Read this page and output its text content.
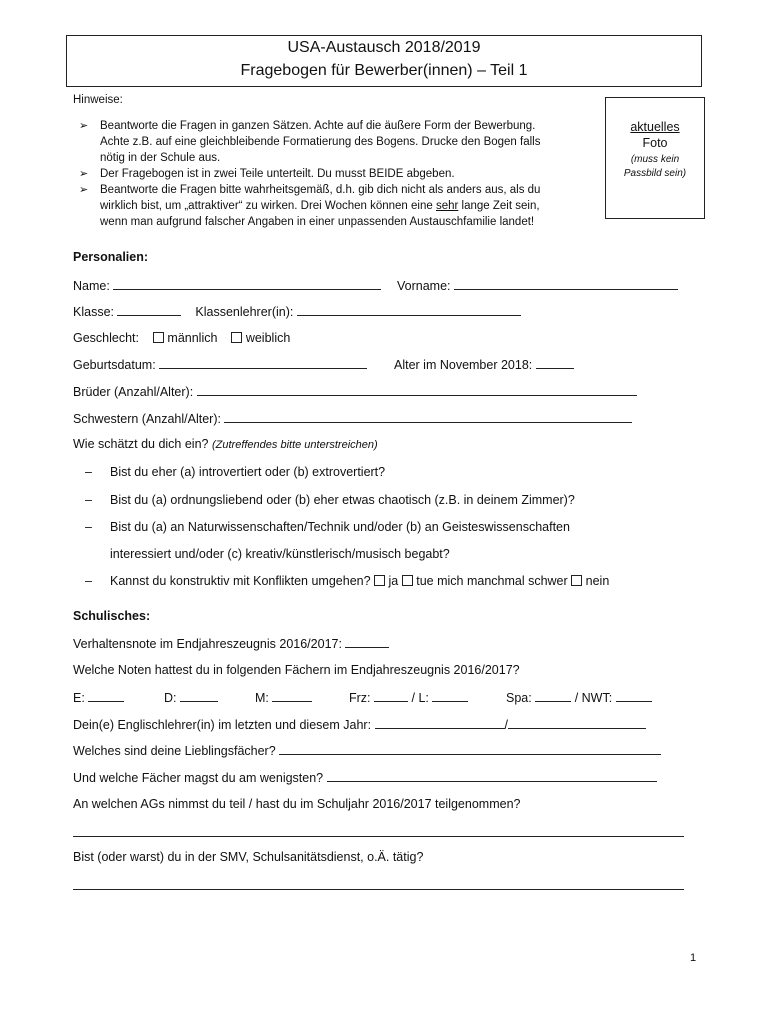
USA-Austausch 2018/2019
Fragebogen für Bewerber(innen) – Teil 1
Hinweise:
➢ Beantworte die Fragen in ganzen Sätzen. Achte auf die äußere Form der Bewerbung.
Achte z.B. auf eine gleichbleibende Formatierung des Bogens. Drucke den Bogen falls
nötig in der Schule aus.
➢ Der Fragebogen ist in zwei Teile unterteilt. Du musst BEIDE abgeben.
➢ Beantworte die Fragen bitte wahrheitsgemäß, d.h. gib dich nicht als anders aus, als du
wirklich bist, um „attraktiver“ zu wirken. Drei Wochen können eine sehr lange Zeit sein,
wenn man aufgrund falscher Angaben in einer unpassenden Austauschfamilie landet!
aktuelles
Foto
(muss kein
Passbild sein)
Personalien:
Name:	Vorname:
Klasse:	Klassenlehrer(in):
Geschlecht: männlich weiblich
Geburtsdatum:	Alter im November 2018:
Brüder (Anzahl/Alter):
Schwestern (Anzahl/Alter):
Wie schätzt du dich ein? (Zutreffendes bitte unterstreichen)
– Bist du eher (a) introvertiert oder (b) extrovertiert?
– Bist du (a) ordnungsliebend oder (b) eher etwas chaotisch (z.B. in deinem Zimmer)?
– Bist du (a) an Naturwissenschaften/Technik und/oder (b) an Geisteswissenschaften
interessiert und/oder (c) kreativ/künstlerisch/musisch begabt?
– Kannst du konstruktiv mit Konflikten umgehen? ja tue mich manchmal schwer nein
Schulisches:
Verhaltensnote im Endjahreszeugnis 2016/2017:
Welche Noten hattest du in folgenden Fächern im Endjahreszeugnis 2016/2017?
E:	D:	M:	Frz:	/ L:	Spa:	/ NWT:
Dein(e) Englischlehrer(in) im letzten und diesem Jahr:	/
Welches sind deine Lieblingsfächer?
Und welche Fächer magst du am wenigsten?
An welchen AGs nimmst du teil / hast du im Schuljahr 2016/2017 teilgenommen?
Bist (oder warst) du in der SMV, Schulsanitätsdienst, o.Ä. tätig?
1
